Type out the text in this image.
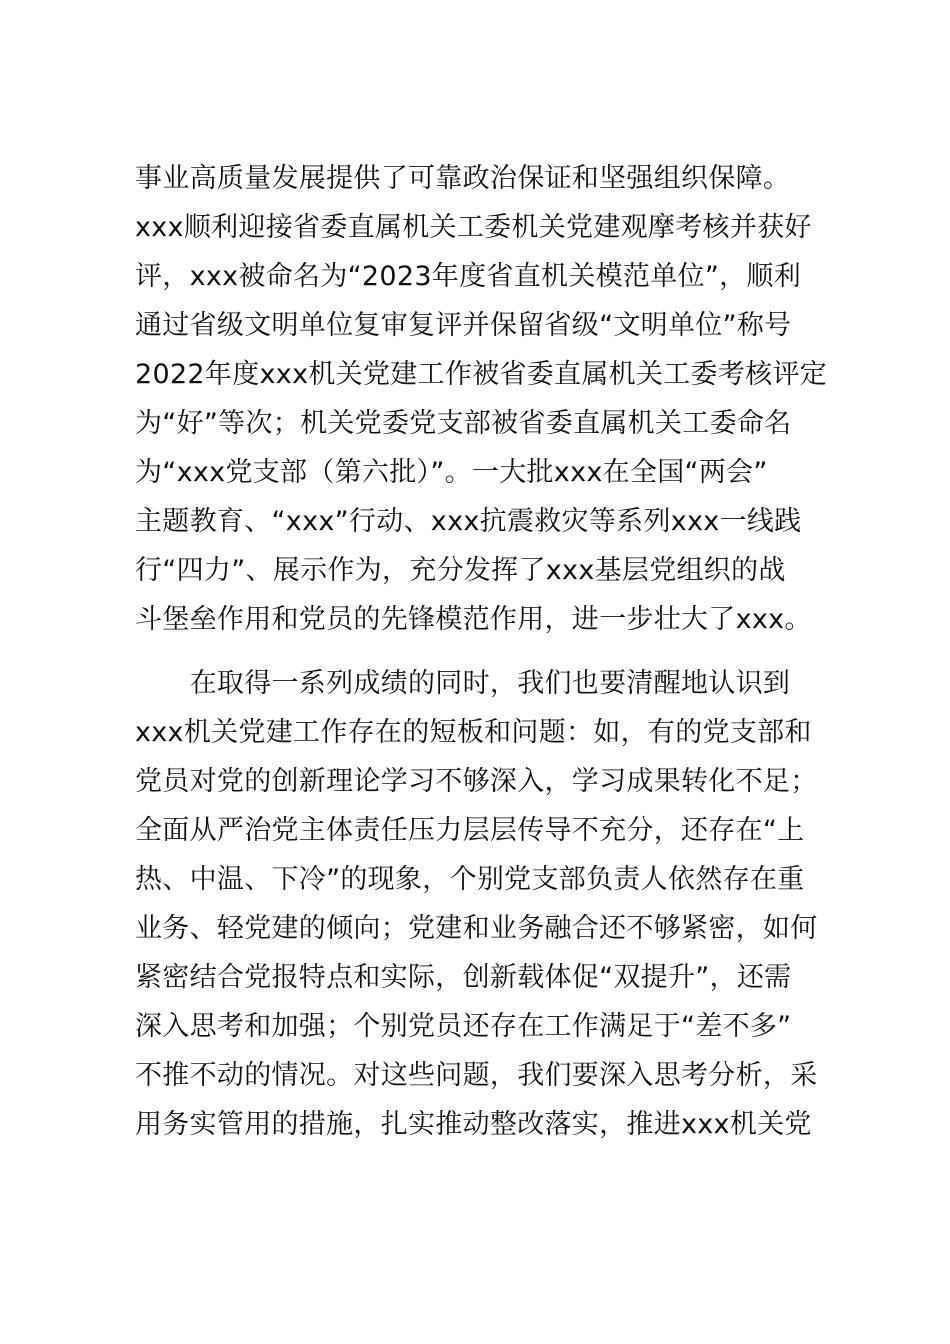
事业高质量发展提供了可靠政治保证和坚强组织保障。
xxx顺利迎接省委直属机关工委机关党建观摩考核并获好
评，xxx被命名为“2023年度省直机关模范单位”，顺利
通过省级文明单位复审复评并保留省级“文明单位”称号
2022年度xxx机关党建工作被省委直属机关工委考核评定
为“好”等次；机关党委党支部被省委直属机关工委命名
为“xxx党支部（第六批）”。一大批xxx在全国“两会”
主题教育、“xxx”行动、xxx抗震救灾等系列xxx一线践
行“四力”、展示作为，充分发挥了xxx基层党组织的战
斗堡垒作用和党员的先锋模范作用，进一步壮大了xxx。
　　在取得一系列成绩的同时，我们也要清醒地认识到
xxx机关党建工作存在的短板和问题：如，有的党支部和
党员对党的创新理论学习不够深入，学习成果转化不足；
全面从严治党主体责任压力层层传导不充分，还存在“上
热、中温、下冷”的现象，个别党支部负责人依然存在重
业务、轻党建的倾向；党建和业务融合还不够紧密，如何
紧密结合党报特点和实际，创新载体促“双提升”，还需
深入思考和加强；个别党员还存在工作满足于“差不多”
不推不动的情况。对这些问题，我们要深入思考分析，采
用务实管用的措施，扎实推动整改落实，推进xxx机关党
